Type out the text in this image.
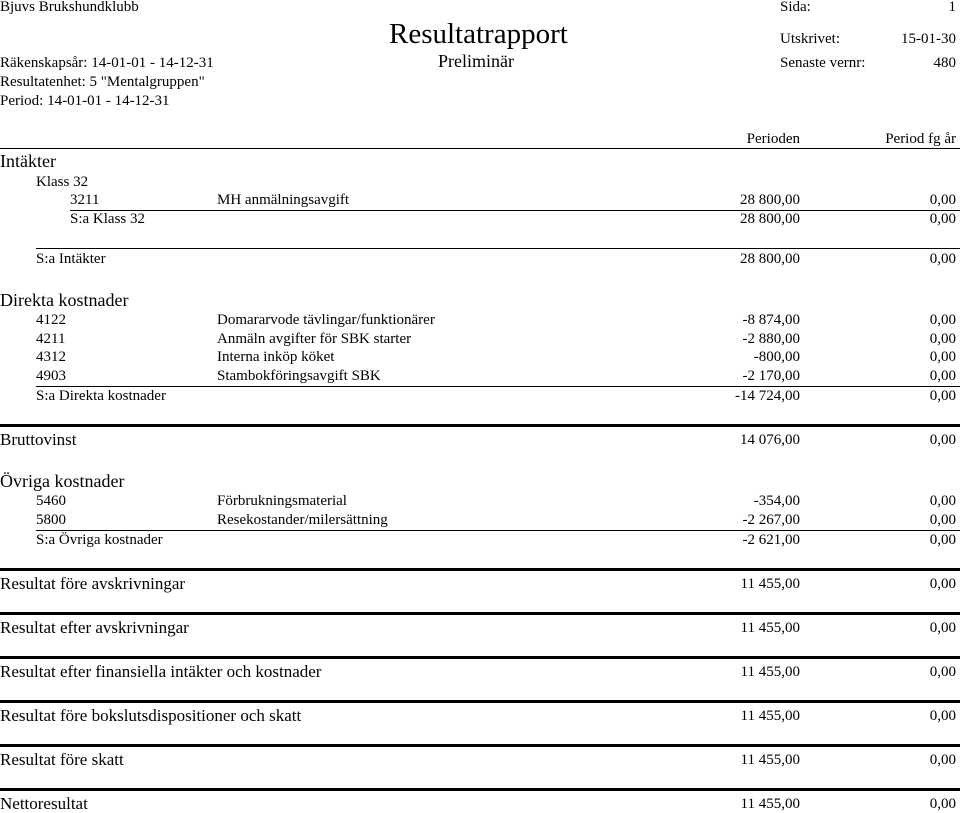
Bjuvs Brukshundklubb
Resultatrapport
Preliminär
Räkenskapsår: 14-01-01 - 14-12-31
Resultatenhet: 5 "Mentalgruppen"
Period: 14-01-01 - 14-12-31
Sida:	1
Utskrivet:	15-01-30
Senaste vernr:	480
Perioden	Period fg år
Intäkter
Klass 32
3211	MH anmälningsavgift	28 800,00	0,00
S:a Klass 32	28 800,00	0,00
S:a Intäkter	28 800,00	0,00
Direkta kostnader
4122	Domararvode tävlingar/funktionärer	-8 874,00	0,00
4211	Anmäln avgifter för SBK starter	-2 880,00	0,00
4312	Interna inköp köket	-800,00	0,00
4903	Stambokföringsavgift SBK	-2 170,00	0,00
S:a Direkta kostnader	-14 724,00	0,00
Bruttovinst	14 076,00	0,00
Övriga kostnader
5460	Förbrukningsmaterial	-354,00	0,00
5800	Resekostander/milersättning	-2 267,00	0,00
S:a Övriga kostnader	-2 621,00	0,00
Resultat före avskrivningar	11 455,00	0,00
Resultat efter avskrivningar	11 455,00	0,00
Resultat efter finansiella intäkter och kostnader	11 455,00	0,00
Resultat före bokslutsdispositioner och skatt	11 455,00	0,00
Resultat före skatt	11 455,00	0,00
Nettoresultat	11 455,00	0,00
